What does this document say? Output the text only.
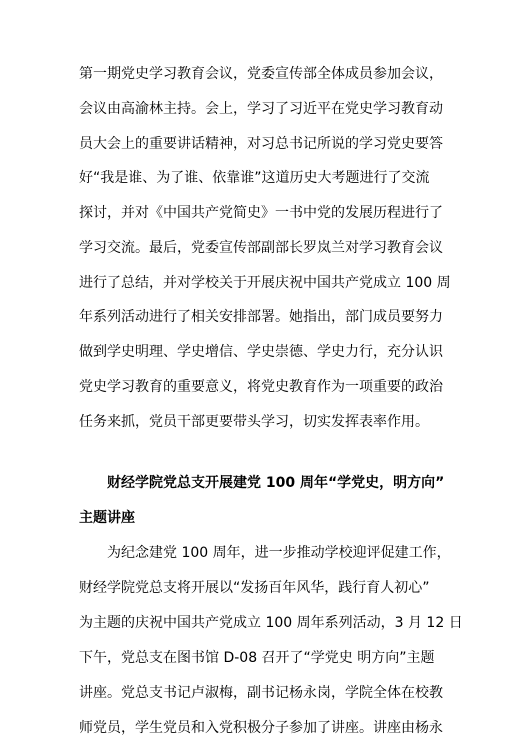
第一期党史学习教育会议，党委宣传部全体成员参加会议，

会议由高渝林主持。会上，学习了习近平在党史学习教育动

员大会上的重要讲话精神，对习总书记所说的学习党史要答

好“我是谁、为了谁、依靠谁”这道历史大考题进行了交流

探讨，并对《中国共产党简史》一书中党的发展历程进行了

学习交流。最后，党委宣传部副部长罗岚兰对学习教育会议

进行了总结，并对学校关于开展庆祝中国共产党成立 100 周

年系列活动进行了相关安排部署。她指出，部门成员要努力

做到学史明理、学史增信、学史崇德、学史力行，充分认识

党史学习教育的重要意义，将党史教育作为一项重要的政治

任务来抓，党员干部更要带头学习，切实发挥表率作用。

财经学院党总支开展建党 100 周年“学党史，明方向”

主题讲座

为纪念建党 100 周年，进一步推动学校迎评促建工作，

财经学院党总支将开展以“发扬百年风华，践行育人初心”

为主题的庆祝中国共产党成立 100 周年系列活动，3 月 12 日

下午，党总支在图书馆 D-08 召开了“学党史 明方向”主题

讲座。党总支书记卢淑梅，副书记杨永岗，学院全体在校教

师党员，学生党员和入党积极分子参加了讲座。讲座由杨永
